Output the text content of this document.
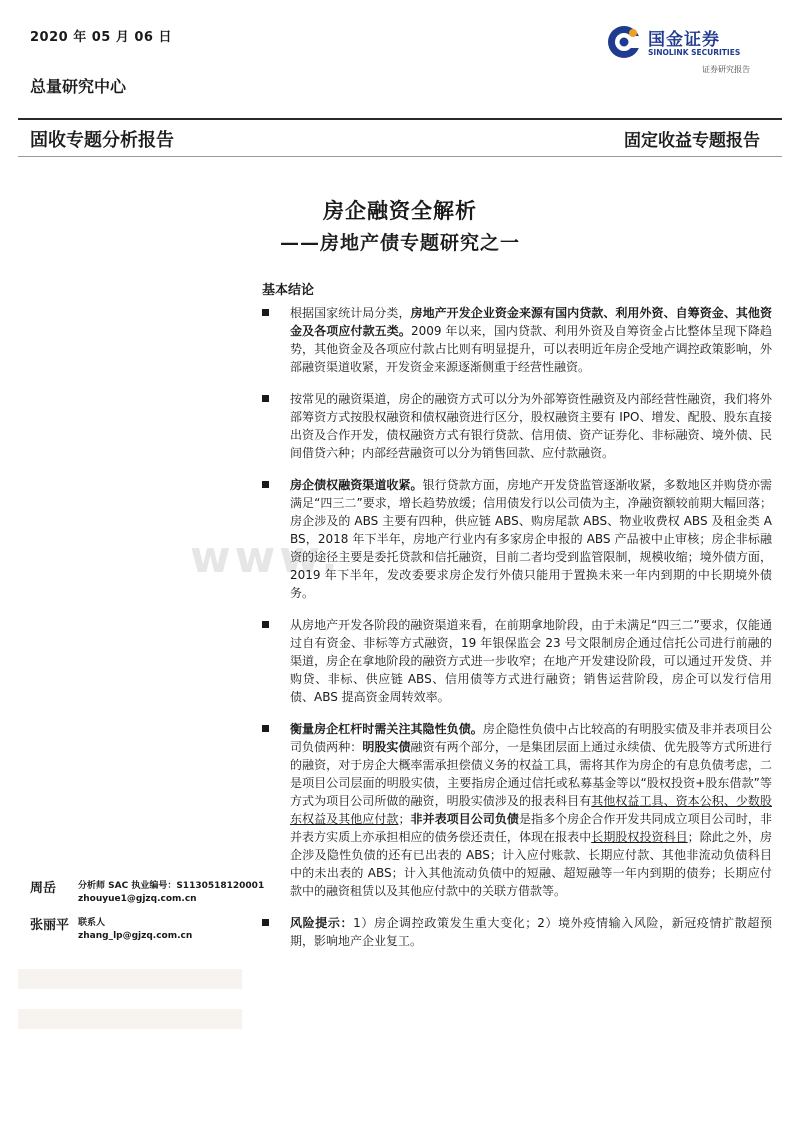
2020 年 05 月 06 日
总量研究中心
国金证券
SINOLINK SECURITIES
证券研究报告
固收专题分析报告	固定收益专题报告
www.
房企融资全解析
——房地产债专题研究之一
基本结论
根据国家统计局分类，房地产开发企业资金来源有国内贷款、利用外资、自筹资金、其他资金及各项应付款五类。2009 年以来，国内贷款、利用外资及自筹资金占比整体呈现下降趋势，其他资金及各项应付款占比则有明显提升，可以表明近年房企受地产调控政策影响，外部融资渠道收紧，开发资金来源逐渐侧重于经营性融资。
按常见的融资渠道，房企的融资方式可以分为外部筹资性融资及内部经营性融资，我们将外部筹资方式按股权融资和债权融资进行区分，股权融资主要有 IPO、增发、配股、股东直接出资及合作开发，债权融资方式有银行贷款、信用债、资产证券化、非标融资、境外债、民间借贷六种；内部经营融资可以分为销售回款、应付款融资。
房企债权融资渠道收紧。银行贷款方面，房地产开发贷监管逐渐收紧，多数地区并购贷亦需满足“四三二”要求，增长趋势放缓；信用债发行以公司债为主，净融资额较前期大幅回落；房企涉及的 ABS 主要有四种，供应链 ABS、购房尾款 ABS、物业收费权 ABS 及租金类 ABS，2018 年下半年，房地产行业内有多家房企申报的 ABS 产品被中止审核；房企非标融资的途径主要是委托贷款和信托融资，目前二者均受到监管限制，规模收缩；境外债方面，2019 年下半年，发改委要求房企发行外债只能用于置换未来一年内到期的中长期境外债务。
从房地产开发各阶段的融资渠道来看，在前期拿地阶段，由于未满足“四三二”要求，仅能通过自有资金、非标等方式融资，19 年银保监会 23 号文限制房企通过信托公司进行前融的渠道，房企在拿地阶段的融资方式进一步收窄；在地产开发建设阶段，可以通过开发贷、并购贷、非标、供应链 ABS、信用债等方式进行融资；销售运营阶段，房企可以发行信用债、ABS 提高资金周转效率。
衡量房企杠杆时需关注其隐性负债。房企隐性负债中占比较高的有明股实债及非并表项目公司负债两种：明股实债融资有两个部分，一是集团层面上通过永续债、优先股等方式所进行的融资，对于房企大概率需承担偿债义务的权益工具，需将其作为房企的有息负债考虑，二是项目公司层面的明股实债，主要指房企通过信托或私募基金等以“股权投资+股东借款”等方式为项目公司所做的融资，明股实债涉及的报表科目有其他权益工具、资本公积、少数股东权益及其他应付款；非并表项目公司负债是指多个房企合作开发共同成立项目公司时，非并表方实质上亦承担相应的债务偿还责任，体现在报表中长期股权投资科目；除此之外，房企涉及隐性负债的还有已出表的 ABS；计入应付账款、长期应付款、其他非流动负债科目中的未出表的 ABS；计入其他流动负债中的短融、超短融等一年内到期的债券；长期应付款中的融资租赁以及其他应付款中的关联方借款等。
风险提示：1）房企调控政策发生重大变化；2）境外疫情输入风险，新冠疫情扩散超预期，影响地产企业复工。
周岳 分析师 SAC 执业编号：S1130518120001
zhouyue1@gjzq.com.cn
张丽平 联系人
zhang_lp@gjzq.com.cn
